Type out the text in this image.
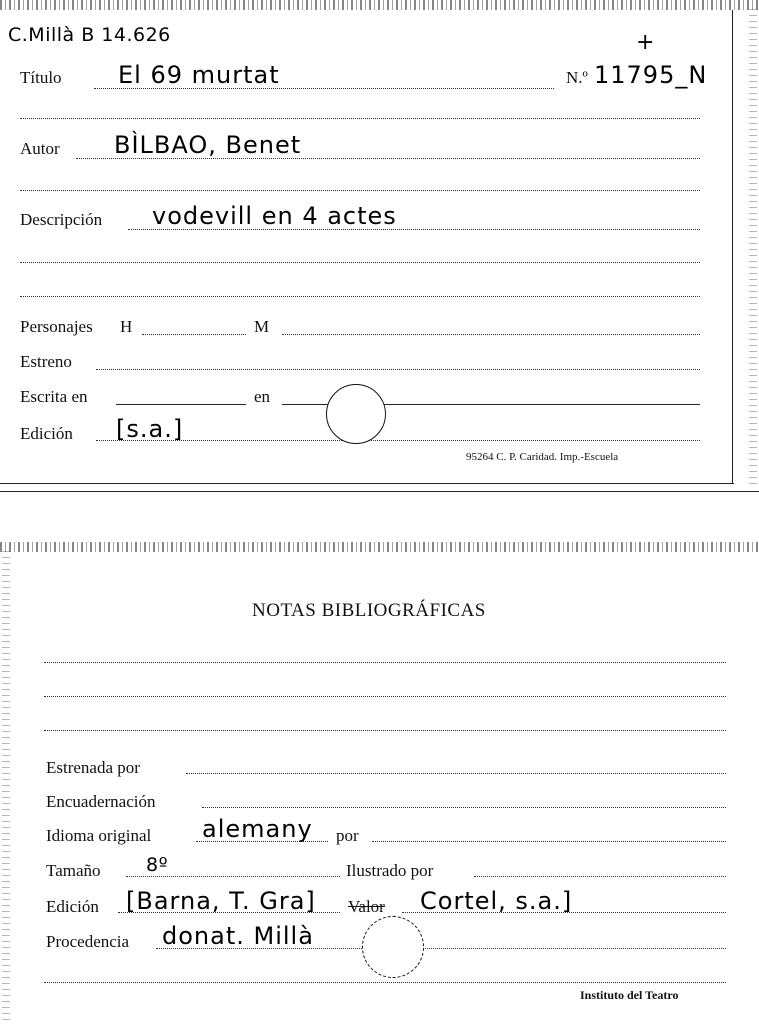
C.Millà B 14.626	+
Título El 69 murtat	N.º 11795_N
Autor BÌLBAO, Benet
Descripción vodevill en 4 actes
Personajes H	M
Estreno
Escrita en	en
Edición [s.a.]
95264 C. P. Caridad. Imp.-Escuela
NOTAS BIBLIOGRÁFICAS
Estrenada por
Encuadernación
Idioma original alemany por
Tamaño 8º	Ilustrado por
Edición [Barna, T. Gra] Valor Cortel, s.a.]
Procedencia donat. Millà
Instituto del Teatro
